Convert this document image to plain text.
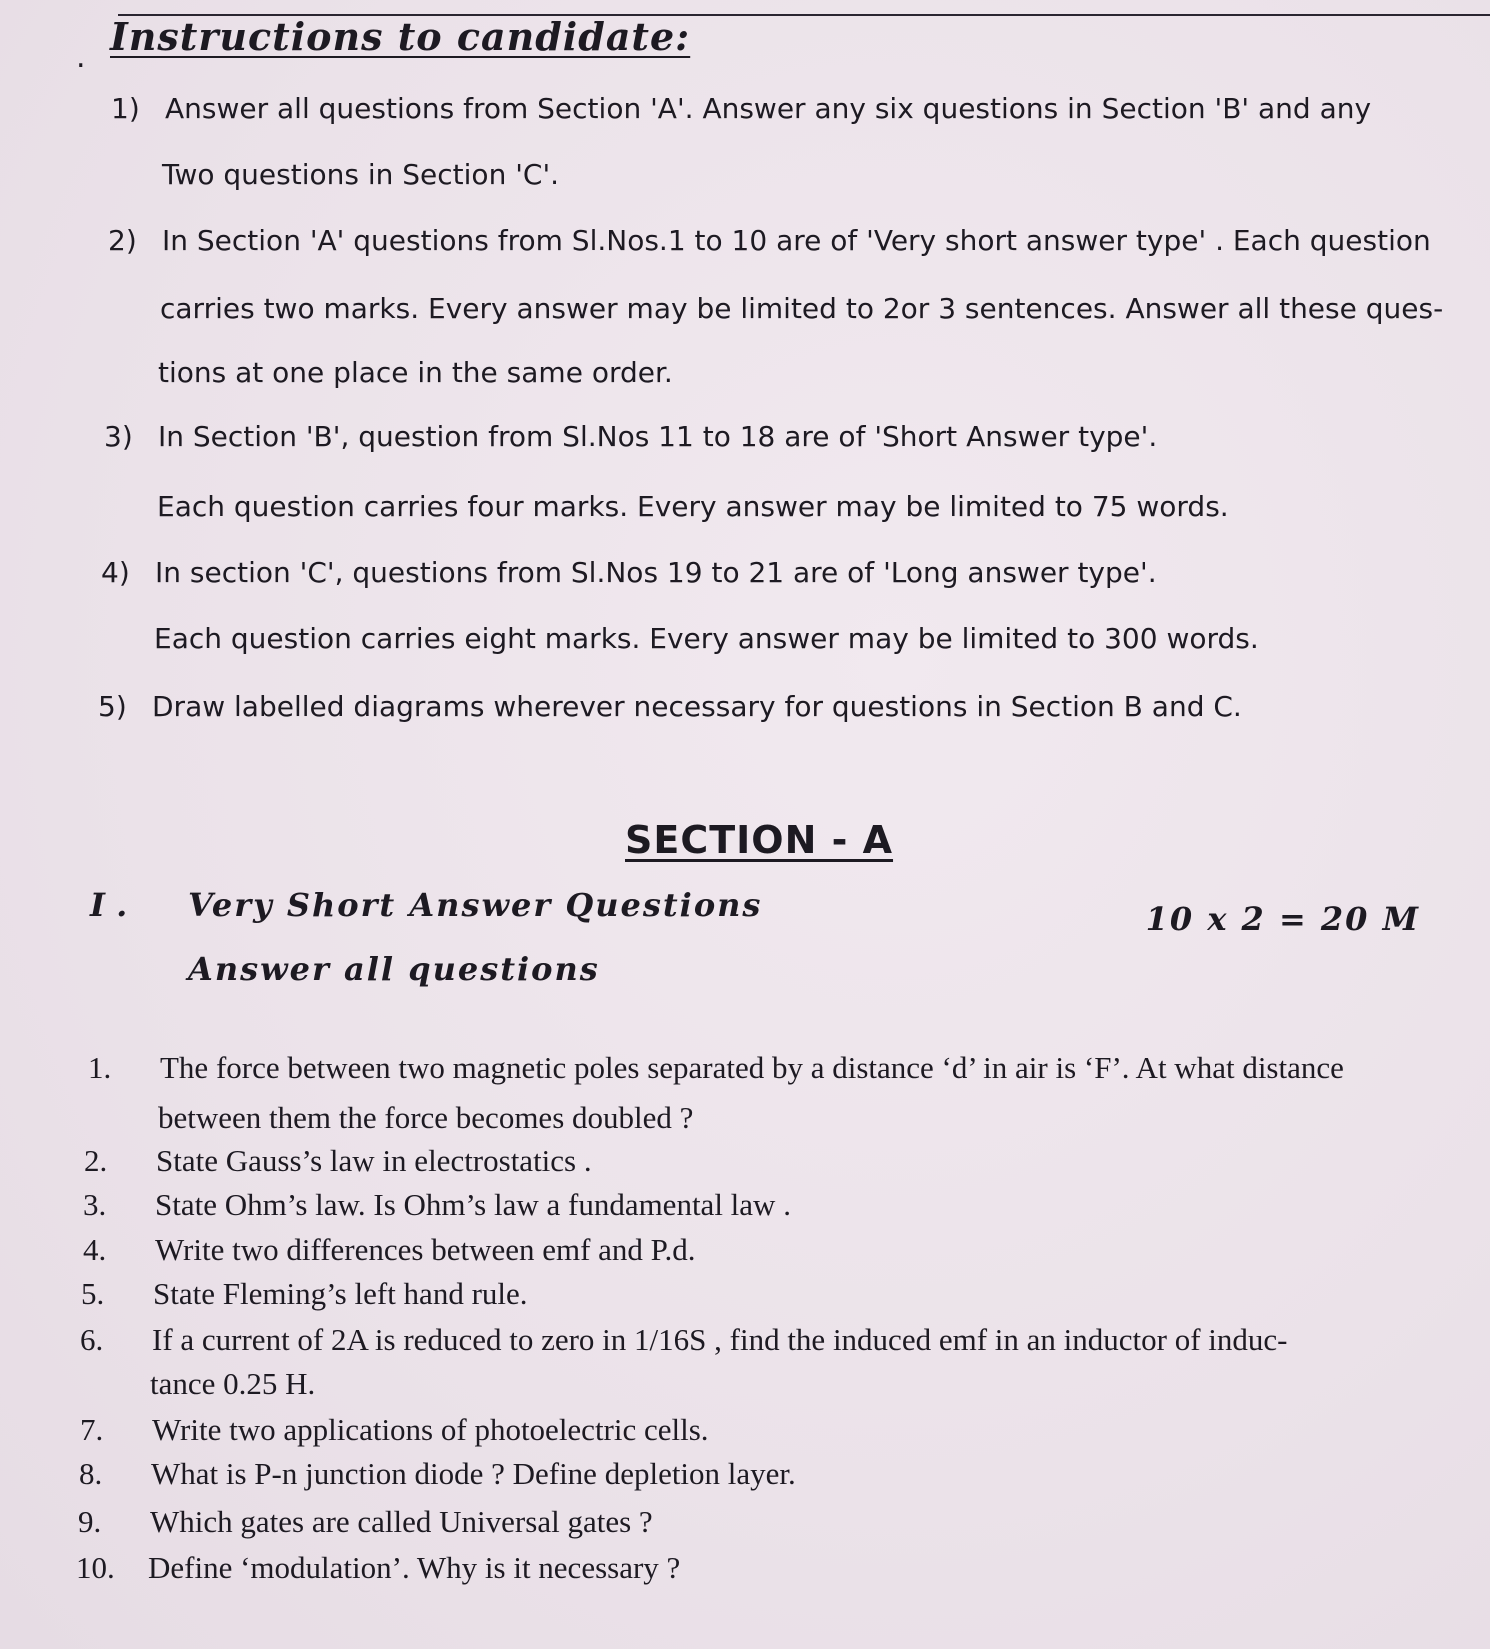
. Instructions to candidate:
1) Answer all questions from Section 'A'. Answer any six questions in Section 'B' and any
Two questions in Section 'C'.
2) In Section 'A' questions from Sl.Nos.1 to 10 are of 'Very short answer type' . Each question
carries two marks. Every answer may be limited to 2or 3 sentences. Answer all these ques-
tions at one place in the same order.
3) In Section 'B', question from Sl.Nos 11 to 18 are of 'Short Answer type'.
Each question carries four marks. Every answer may be limited to 75 words.
4) In section 'C', questions from Sl.Nos 19 to 21 are of 'Long answer type'.
Each question carries eight marks. Every answer may be limited to 300 words.
5) Draw labelled diagrams wherever necessary for questions in Section B and C.
SECTION - A
I . Very Short Answer Questions	10 x 2 = 20 M
Answer all questions
1. The force between two magnetic poles separated by a distance ‘d’ in air is ‘F’. At what distance
between them the force becomes doubled ?
2. State Gauss’s law in electrostatics .
3. State Ohm’s law. Is Ohm’s law a fundamental law .
4. Write two differences between emf and P.d.
5. State Fleming’s left hand rule.
6. If a current of 2A is reduced to zero in 1/16S , find the induced emf in an inductor of induc-
tance 0.25 H.
7. Write two applications of photoelectric cells.
8. What is P-n junction diode ? Define depletion layer.
9. Which gates are called Universal gates ?
10. Define ‘modulation’. Why is it necessary ?
